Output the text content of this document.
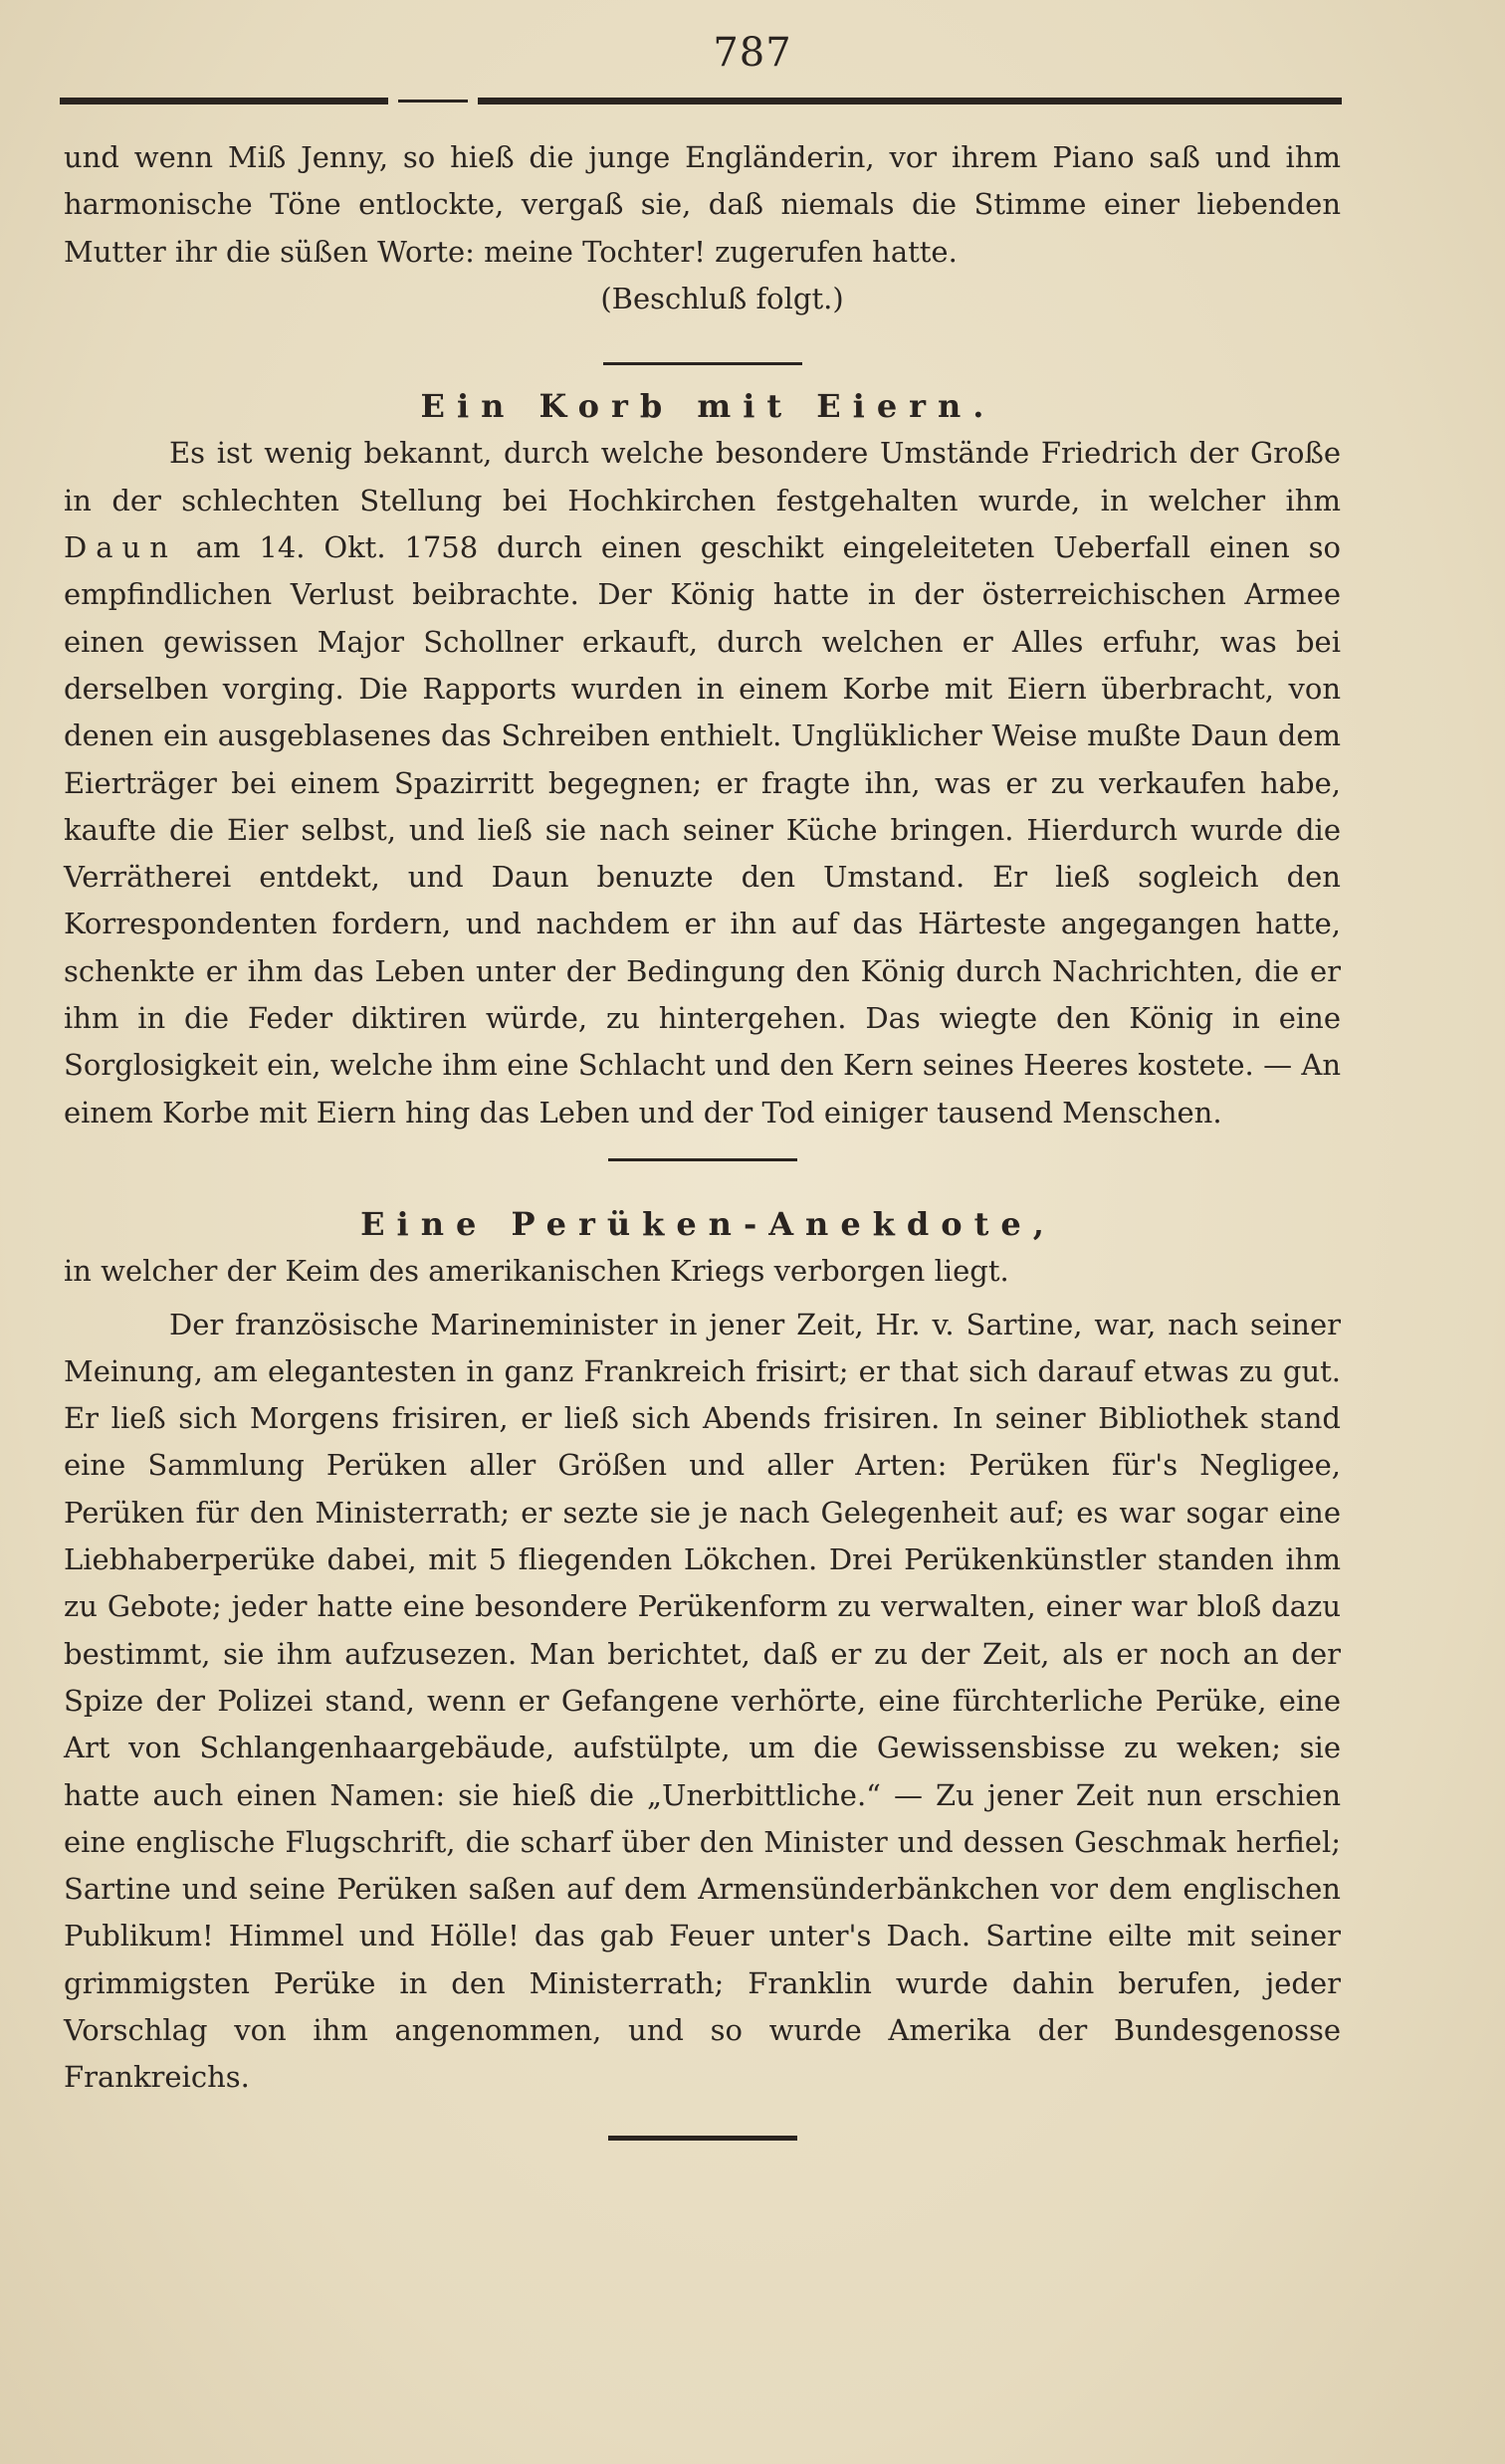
787

und wenn Miß Jenny, so hieß die junge Engländerin, vor ihrem Piano saß und ihm harmonische Töne entlockte, vergaß sie, daß niemals die Stimme einer liebenden Mutter ihr die süßen Worte: meine Tochter! zugerufen hatte.

(Beschluß folgt.)

Ein Korb mit Eiern.

Es ist wenig bekannt, durch welche besondere Umstände Friedrich der Große in der schlechten Stellung bei Hochkirchen festgehalten wurde, in welcher ihm Daun am 14. Okt. 1758 durch einen geschikt eingeleiteten Ueberfall einen so empfindlichen Verlust beibrachte. Der König hatte in der österreichischen Armee einen gewissen Major Schollner erkauft, durch welchen er Alles erfuhr, was bei derselben vorging. Die Rapports wurden in einem Korbe mit Eiern überbracht, von denen ein ausgeblasenes das Schreiben enthielt. Unglüklicher Weise mußte Daun dem Eierträger bei einem Spazirritt begegnen; er fragte ihn, was er zu verkaufen habe, kaufte die Eier selbst, und ließ sie nach seiner Küche bringen. Hierdurch wurde die Verrätherei entdekt, und Daun benuzte den Umstand. Er ließ sogleich den Korrespondenten fordern, und nachdem er ihn auf das Härteste angegangen hatte, schenkte er ihm das Leben unter der Bedingung den König durch Nachrichten, die er ihm in die Feder diktiren würde, zu hintergehen. Das wiegte den König in eine Sorglosigkeit ein, welche ihm eine Schlacht und den Kern seines Heeres kostete. — An einem Korbe mit Eiern hing das Leben und der Tod einiger tausend Menschen.

Eine Perüken-Anekdote,

in welcher der Keim des amerikanischen Kriegs verborgen liegt.

Der französische Marineminister in jener Zeit, Hr. v. Sartine, war, nach seiner Meinung, am elegantesten in ganz Frankreich frisirt; er that sich darauf etwas zu gut. Er ließ sich Morgens frisiren, er ließ sich Abends frisiren. In seiner Bibliothek stand eine Sammlung Perüken aller Größen und aller Arten: Perüken für's Negligee, Perüken für den Ministerrath; er sezte sie je nach Gelegenheit auf; es war sogar eine Liebhaberperüke dabei, mit 5 fliegenden Lökchen. Drei Perükenkünstler standen ihm zu Gebote; jeder hatte eine besondere Perükenform zu verwalten, einer war bloß dazu bestimmt, sie ihm aufzusezen. Man berichtet, daß er zu der Zeit, als er noch an der Spize der Polizei stand, wenn er Gefangene verhörte, eine fürchterliche Perüke, eine Art von Schlangenhaargebäude, aufstülpte, um die Gewissensbisse zu weken; sie hatte auch einen Namen: sie hieß die „Unerbittliche.“ — Zu jener Zeit nun erschien eine englische Flugschrift, die scharf über den Minister und dessen Geschmak herfiel; Sartine und seine Perüken saßen auf dem Armensünderbänkchen vor dem englischen Publikum! Himmel und Hölle! das gab Feuer unter's Dach. Sartine eilte mit seiner grimmigsten Perüke in den Ministerrath; Franklin wurde dahin berufen, jeder Vorschlag von ihm angenommen, und so wurde Amerika der Bundesgenosse Frankreichs.
